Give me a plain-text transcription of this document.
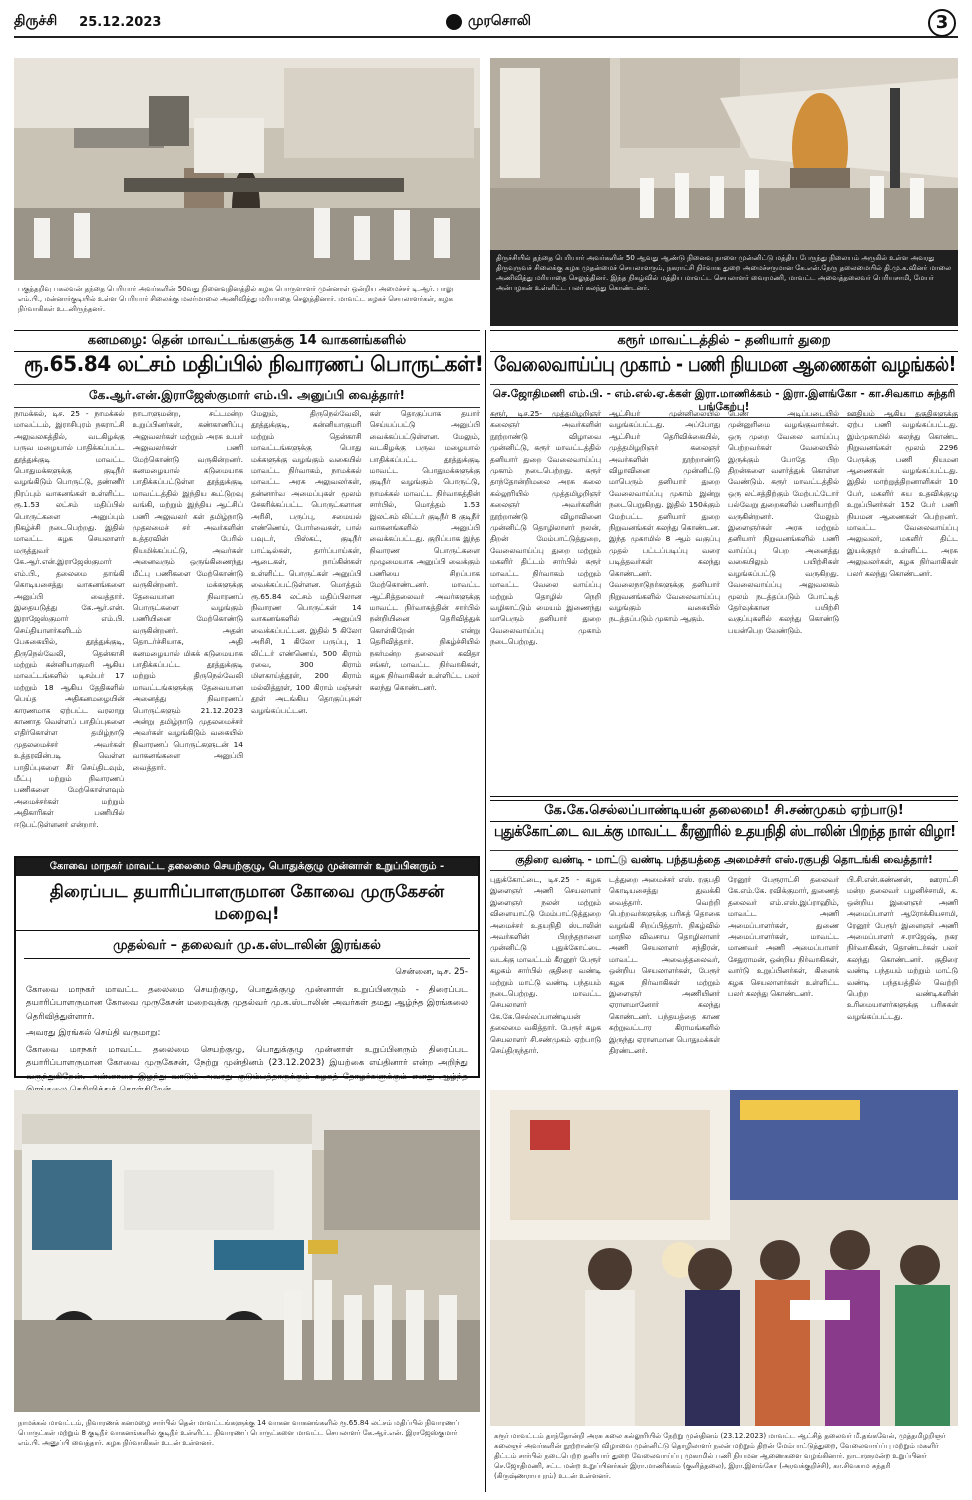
திருச்சி 25.12.2023	முரசொலி	3
பகுத்தறிவு பகலவன் தந்தை பெரியார் அவர்களின் 50வது நினைவுதினத்தில் கழக பொருளாளர் முன்னாள் ஒன்றிய அமைச்சர் டி.ஆர். பாலு எம்.பி., மன்னார்குடியில் உள்ள பெரியார் சிலைக்கு மலர்மாலை அணிவித்து மரியாதை செலுத்தினார். மாவட்ட கழகச் செயலாளர்கள், கழக நிர்வாகிகள் உடனிருந்தனர்.
திருச்சியில் தந்தை பெரியார் அவர்களின் 50 ஆவது ஆண்டு நினைவு நாளை முன்னிட்டு மத்திய பேருந்து நிலையம் அருகில் உள்ள அவரது திருவுருவச் சிலைக்கு கழக முதன்மைச் செயலாளரும், நகராட்சி நிர்வாக துறை அமைச்சருமான கே.என்.நேரு தலைமையில் தி.மு.க.வினர் மாலை அணிவித்து மரியாதை செலுத்தினர். இந்த நிகழ்வில் மத்திய மாவட்ட செயலாளர் வைரமணி, மாவட்ட அவைத்தலைவர் பெரியசாமி, மேயர் அன்பழகன் உள்ளிட்ட பலர் கலந்து கொண்டனர்.
கனமழை: தென் மாவட்டங்களுக்கு 14 வாகனங்களில்
ரூ.65.84 லட்சம் மதிப்பில் நிவாரணப் பொருட்கள்!
கே.ஆர்.என்.இராஜேஸ்குமார் எம்.பி. அனுப்பி வைத்தார்!

நாமக்கல், டிச. 25 - நாமக்கல் மாவட்டம், இராசிபுரம் நகராட்சி அலுவலகத்தில், வடகிழக்கு பருவ மழையால் பாதிக்கப்பட்ட தூத்துக்குடி மாவட்ட பொதுமக்களுக்கு குடிநீர் வழங்கிடும் பொருட்டு, தண்ணீர் நிரப்பும் வாகனங்கள் உள்ளிட்ட ரூ.1.53 லட்சம் மதிப்பில் பொருட்களை அனுப்பும் நிகழ்ச்சி நடைபெற்றது. இதில் மாவட்ட கழக செயலாளர் மருத்துவர் கே.ஆர்.என்.இராஜேஸ்குமார் எம்.பி., தலைமை தாங்கி கொடியசைத்து வாகனங்களை அனுப்பி வைத்தார். இதையடுத்து கே.ஆர்.என். இராஜேஸ்குமார் எம்.பி. செய்தியாளர்களிடம் பேசுகையில், தூத்துக்குடி, திருநெல்வேலி, தென்காசி மற்றும் கன்னியாகுமரி ஆகிய மாவட்டங்களில் டிசம்பர் 17 மற்றும் 18 ஆகிய தேதிகளில் பெய்த அதிகனமழையின் காரணமாக ஏற்பட்ட வரலாறு காணாத வெள்ளப் பாதிப்புகளை எதிர்கொள்ள தமிழ்நாடு முதலமைச்சர் அவர்கள் உத்தரவின்படி வெள்ள பாதிப்புகளை சீர் செய்திடவும், மீட்பு மற்றும் நிவாரணப் பணிகளை மேற்கொள்ளவும் அமைச்சர்கள் மற்றும் அதிகாரிகள் பணியில் ஈடுபட்டுள்ளனர் என்றார்.

நாடாளுமன்ற, சட்டமன்ற உறுப்பினர்கள், கண்காணிப்பு அலுவலர்கள் மற்றும் அரசு உயர் அலுவலர்கள் பணி மேற்கொண்டு வருகின்றனர். கனமழையால் கடுமையாக பாதிக்கப்பட்டுள்ள தூத்துக்குடி மாவட்டத்தில் இந்திய கூட்டுறவு வங்கி, மற்றும் இந்திய ஆட்சிப் பணி அலுவலர் கள் தமிழ்நாடு முதலமைச் சர் அவர்களின் உத்தரவின் பேரில் நியமிக்கப்பட்டு, அவர்கள் அனைவரும் ஒருங்கிணைந்து மீட்பு பணிகளை மேற்கொண்டு வருகின்றனர். மக்களுக்கு தேவையான நிவாரணப் பொருட்களை வழங்கும் பணியினை மேற்கொண்டு வருகின்றனர். அதன் தொடர்ச்சியாக, அதி கனமழையால் மிகக் கடுமையாக பாதிக்கப்பட்ட தூத்துக்குடி மற்றும் திருநெல்வேலி மாவட்டங்களுக்கு தேவையான அனைத்து நிவாரணப் பொருட்களும் 21.12.2023 அன்று தமிழ்நாடு முதலமைச்சர் அவர்கள் வழங்கிடும் வகையில் நிவாரணப் பொருட்களுடன் 14 வாகனங்களை அனுப்பி வைத்தார்.

மேலும், திருநெல்வேலி, தூத்துக்குடி, கன்னியாகுமரி மற்றும் தென்காசி மாவட்டங்களுக்கு பொது மக்களுக்கு வழங்கும் வகையில் மாவட்ட நிர்வாகம், நாமக்கல் மாவட்ட அரசு அலுவலர்கள், தன்னார்வ அமைப்புகள் மூலம் சேகரிக்கப்பட்ட பொருட்களான அரிசி, பருப்பு, சமையல் எண்ணெய், போர்வைகள், பால் பவுடர், பிஸ்கட், குடிநீர் பாட்டில்கள், தார்ப்பாய்கள், ஆடைகள், நாப்கின்கள் உள்ளிட்ட பொருட்கள் அனுப்பி வைக்கப்பட்டுள்ளன. மொத்தம் ரூ.65.84 லட்சம் மதிப்பிலான நிவாரண பொருட்கள் 14 வாகனங்களில் அனுப்பி வைக்கப்பட்டன. இதில் 5 கிலோ அரிசி, 1 கிலோ பருப்பு, 1 லிட்டர் எண்ணெய், 500 கிராம் ரவை, 300 கிராம் மிளகாய்த்தூள், 200 கிராம் மல்லித்தூள், 100 கிராம் மஞ்சள் தூள் அடங்கிய தொகுப்புகள் வழங்கப்பட்டன.

கள் தொகுப்பாக தயார் செய்யப்பட்டு அனுப்பி வைக்கப்பட்டுள்ளன. மேலும், வடகிழக்கு பருவ மழையால் பாதிக்கப்பட்ட தூத்துக்குடி மாவட்ட பொதுமக்களுக்கு குடிநீர் வழங்கும் பொருட்டு, நாமக்கல் மாவட்ட நிர்வாகத்தின் சார்பில், மொத்தம் 1.53 இலட்சம் லிட்டர் குடிநீர் 8 குடிநீர் வாகனங்களில் அனுப்பி வைக்கப்பட்டது. குறிப்பாக இந்த நிவாரண பொருட்களை முழுமையாக அனுப்பி வைக்கும் பணியை சிறப்பாக மேற்கொண்டனர். மாவட்ட ஆட்சித்தலைவர் அவர்களுக்கு மாவட்ட நிர்வாகத்தின் சார்பில் நன்றியினை தெரிவித்துக் கொள்கிறேன் என்று தெரிவித்தார். நிகழ்ச்சியில் நகர்மன்ற தலைவர் கவிதா சங்கர், மாவட்ட நிர்வாகிகள், கழக நிர்வாகிகள் உள்ளிட்ட பலர் கலந்து கொண்டனர்.

கோவை மாநகர் மாவட்ட தலைமை செயற்குழு, பொதுக்குழு முன்னாள் உறுப்பினரும் -
திரைப்பட தயாரிப்பாளருமான கோவை முருகேசன் மறைவு!
முதல்வர் – தலைவர் மு.க.ஸ்டாலின் இரங்கல்
சென்னை, டிச. 25-

கோவை மாநகர் மாவட்ட தலைமை செயற்குழு, பொதுக்குழு முன்னாள் உறுப்பினரும் - திரைப்பட தயாரிப்பாளருமான கோவை முருகேசன் மறைவுக்கு முதல்வர் மு.க.ஸ்டாலின் அவர்கள் தமது ஆழ்ந்த இரங்கலை தெரிவித்துள்ளார்.

அவரது இரங்கல் செய்தி வருமாறு:

கோவை மாநகர் மாவட்ட தலைமை செயற்குழு, பொதுக்குழு முன்னாள் உறுப்பினரும் திரைப்பட தயாரிப்பாளருமான கோவை முருகேசன், நேற்று முன்தினம் (23.12.2023) இயற்கை எய்தினார் என்ற அறிந்து வருந்துகிறேன். அன்னாரை இழந்து வாடும் அவரது குடும்பத்தாருக்கும் கழகத் தோழர்களுக்கும் எனது ஆழ்ந்த

நாமக்கல் மாவட்டம், நிவாரணக் கனமழை சார்பில் தென் மாவட்டங்களுக்கு 14 வாகன வாகனங்களில் ரூ.65.84 லட்சம் மதிப்பில் நிவாரணப் பொருட்கள் மற்றும் 8 குடிநீர் வாகனங்களில் குடிநீர் உள்ளிட்ட நிவாரணப் பொருட்களை மாவட்ட செயலாளர் கே.ஆர்.என். இராஜேஸ்குமார் எம்.பி. அனுப்பி வைத்தார். கழக நிர்வாகிகள் உடன் உள்ளனர்.
கரூர் மாவட்டத்தில் – தனியார் துறை
வேலைவாய்ப்பு முகாம் - பணி நியமன ஆணைகள் வழங்கல்!
செ.ஜோதிமணி எம்.பி. - எம்.எல்.ஏ.க்கள் இரா.மாணிக்கம் - இரா.இளங்கோ - கா.சிவகாம சுந்தரி பங்கேற்பு!

கரூர், டிச.25- முத்தமிழறிஞர் கலைஞர் அவர்களின் நூற்றாண்டு விழாவை முன்னிட்டு, கரூர் மாவட்டத்தில் தனியார் துறை வேலைவாய்ப்பு முகாம் நடைபெற்றது. கரூர் தாந்தோன்றிமலை அரசு கலை கல்லூரியில் முத்தமிழறிஞர் கலைஞர் அவர்களின் நூற்றாண்டு விழாவினை முன்னிட்டு தொழிலாளர் நலன், திறன் மேம்பாட்டுத்துறை, வேலைவாய்ப்பு துறை மற்றும் மகளிர் திட்டம் சார்பில் கரூர் மாவட்ட நிர்வாகம் மற்றும் மாவட்ட வேலை வாய்ப்பு மற்றும் தொழில் நெறி வழிகாட்டும் மையம் இணைந்து மாபெரும் தனியார் துறை வேலைவாய்ப்பு முகாம் நடைபெற்றது.

ஆட்சியர் முன்னிலையில் வழங்கப்பட்டது. அப்போது ஆட்சியர் தெரிவிக்கையில், முத்தமிழறிஞர் கலைஞர் அவர்களின் நூற்றாண்டு விழாவினை முன்னிட்டு மாபெரும் தனியார் துறை வேலைவாய்ப்பு முகாம் இன்று நடைபெறுகிறது. இதில் 150க்கும் மேற்பட்ட தனியார் துறை நிறுவனங்கள் கலந்து கொண்டன. இந்த முகாமில் 8 ஆம் வகுப்பு முதல் பட்டப்படிப்பு வரை படித்தவர்கள் கலந்து கொண்டனர். வேலைநாடுநர்களுக்கு தனியார் நிறுவனங்களில் வேலைவாய்ப்பு வழங்கும் வகையில் நடத்தப்படும் முகாம் ஆகும்.

பெண் அடிப்படையில் முன்னுரிமை வழங்குவார்கள். ஒரு முறை வேலை வாய்ப்பு பெற்றவர்கள் வேலையில் இருக்கும் போதே பிற திறன்களை வளர்த்துக் கொள்ள வேண்டும். கரூர் மாவட்டத்தில் ஒரு லட்சத்திற்கும் மேற்பட்டோர் பல்வேறு துறைகளில் பணியாற்றி வருகின்றனர். மேலும் இளைஞர்கள் அரசு மற்றும் தனியார் நிறுவனங்களில் பணி வாய்ப்பு பெற அனைத்து வகையிலும் பயிற்சிகள் வழங்கப்பட்டு வருகிறது. வேலைவாய்ப்பு அலுவலகம் மூலம் நடத்தப்படும் போட்டித் தேர்வுக்கான பயிற்சி வகுப்புகளில் கலந்து கொண்டு பயன்பெற வேண்டும்.

ஊதியம் ஆகிய தகுதிகளுக்கு ஏற்ப பணி வழங்கப்பட்டது. இம்முகாமில் கலந்து கொண்ட நிறுவனங்கள் மூலம் 2296 பேருக்கு பணி நியமன ஆணைகள் வழங்கப்பட்டது. இதில் மாற்றுத்திறனாளிகள் 10 பேர், மகளிர் சுய உதவிக்குழு உறுப்பினர்கள் 152 பேர் பணி நியமன ஆணைகள் பெற்றனர். மாவட்ட வேலைவாய்ப்பு அலுவலர், மகளிர் திட்ட இயக்குநர் உள்ளிட்ட அரசு அலுவலர்கள், கழக நிர்வாகிகள் பலர் கலந்து கொண்டனர்.

கே.கே.செல்லப்பாண்டியன் தலைமை! சி.சண்முகம் ஏற்பாடு!
புதுக்கோட்டை வடக்கு மாவட்ட கீரனூரில் உதயநிதி ஸ்டாலின் பிறந்த நாள் விழா!
குதிரை வண்டி - மாட்டு வண்டி பந்தயத்தை அமைச்சர் எஸ்.ரகுபதி தொடங்கி வைத்தார்!

புதுக்கோட்டை, டிச.25 - கழக இளைஞர் அணி செயலாளர் இளைஞர் நலன் மற்றும் விளையாட்டு மேம்பாட்டுத்துறை அமைச்சர் உதயநிதி ஸ்டாலின் அவர்களின் பிறந்தநாளை முன்னிட்டு புதுக்கோட்டை வடக்கு மாவட்டம் கீரனூர் பேரூர் கழகம் சார்பில் குதிரை வண்டி மற்றும் மாட்டு வண்டி பந்தயம் நடைபெற்றது. மாவட்ட செயலாளர் கே.கே.செல்லப்பாண்டியன் தலைமை வகித்தார். பேரூர் கழக செயலாளர் சி.சண்முகம் ஏற்பாடு செய்திருந்தார்.

டத்துறை அமைச்சர் எஸ். ரகுபதி கொடியசைத்து துவக்கி வைத்தார். வெற்றி பெற்றவர்களுக்கு பரிசுத் தொகை வழங்கி சிறப்பித்தார். நிகழ்வில் மாநில விவசாய தொழிலாளர் அணி செயலாளர் சந்திரன், மாவட்ட அவைத்தலைவர், ஒன்றிய செயலாளர்கள், பேரூர் கழக நிர்வாகிகள் மற்றும் இளைஞர் அணியினர் ஏராளமானோர் கலந்து கொண்டனர். பந்தயத்தை காண சுற்றுவட்டார கிராமங்களில் இருந்து ஏராளமான பொதுமக்கள் திரண்டனர்.

ரேனூர் பேரூராட்சி தலைவர் கே.எம்.கே. ரவிக்குமார், துணைத் தலைவர் எம்.எஸ்.இப்ராஹிம், மாவட்ட அணி அமைப்பாளர்கள், துணை அமைப்பாளர்கள், மாவட்ட மாணவர் அணி அமைப்பாளர் சேதுராமன், ஒன்றிய நிர்வாகிகள், வார்டு உறுப்பினர்கள், கிளைக் கழக செயலாளர்கள் உள்ளிட்ட பலர் கலந்து கொண்டனர்.

பி.சி.என்.கண்ணன், ஊராட்சி மன்ற தலைவர் பழனிச்சாமி, க. ஒன்றிய இளைஞர் அணி அமைப்பாளர் ஆரோக்கியசாமி, ரேனூர் பேரூர் இளைஞர் அணி அமைப்பாளர் ச.ராஜேஷ், நகர நிர்வாகிகள், தொண்டர்கள் பலர் கலந்து கொண்டனர். குதிரை வண்டி பந்தயம் மற்றும் மாட்டு வண்டி பந்தயத்தில் வெற்றி பெற்ற வண்டிகளின் உரிமையாளர்களுக்கு பரிசுகள் வழங்கப்பட்டது.

கரூர் மாவட்டம் தாந்தோன்றி அரசு கலை கல்லூரியில் நேற்று முன்தினம் (23.12.2023) மாவட்ட ஆட்சித் தலைவர் மீ.தங்கவேல், முத்தமிழறிஞர் கலைஞர் அவர்களின் நூற்றாண்டு விழாவை முன்னிட்டு தொழிலாளர் நலன் மற்றும் திறன் மேம்பாட்டுத்துறை, வேலைவாய்ப்பு மற்றும் மகளிர் திட்டம் சார்பில் நடைபெற்ற தனியார் துறை வேலைவாய்ப்பு முகாமில் பணி நியமன ஆணைகளை வழங்கினார். நாடாளுமன்ற உறுப்பினர் செ.ஜோதிமணி, சட்ட மன்ற உறுப்பினர்கள் இரா.மாணிக்கம் (குளித்தலை), இரா.இளங்கோ (அரவக்குறிச்சி), கா.சிவகாம சுந்தரி (கிருஷ்ணராயபுரம்) உடன் உள்ளனர்.
